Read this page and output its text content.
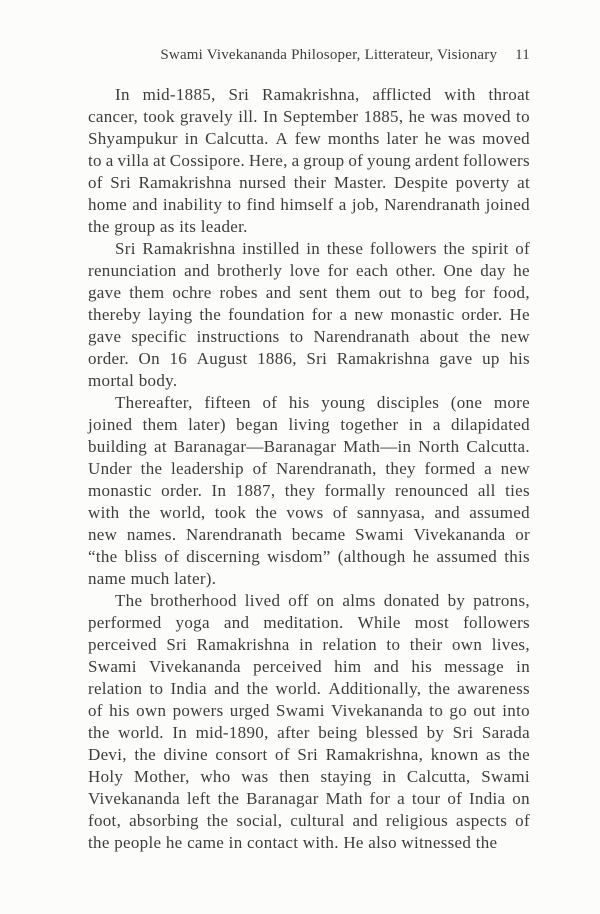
Swami Vivekananda Philosoper, Litterateur, Visionary 11
In mid-1885, Sri Ramakrishna, afflicted with throat
cancer, took gravely ill. In September 1885, he was moved to
Shyampukur in Calcutta. A few months later he was moved
to a villa at Cossipore. Here, a group of young ardent followers
of Sri Ramakrishna nursed their Master. Despite poverty at
home and inability to find himself a job, Narendranath joined
the group as its leader.
Sri Ramakrishna instilled in these followers the spirit of
renunciation and brotherly love for each other. One day he
gave them ochre robes and sent them out to beg for food,
thereby laying the foundation for a new monastic order. He
gave specific instructions to Narendranath about the new
order. On 16 August 1886, Sri Ramakrishna gave up his
mortal body.
Thereafter, fifteen of his young disciples (one more
joined them later) began living together in a dilapidated
building at Baranagar—Baranagar Math—in North Calcutta.
Under the leadership of Narendranath, they formed a new
monastic order. In 1887, they formally renounced all ties
with the world, took the vows of sannyasa, and assumed
new names. Narendranath became Swami Vivekananda or
“the bliss of discerning wisdom” (although he assumed this
name much later).
The brotherhood lived off on alms donated by patrons,
performed yoga and meditation. While most followers
perceived Sri Ramakrishna in relation to their own lives,
Swami Vivekananda perceived him and his message in
relation to India and the world. Additionally, the awareness
of his own powers urged Swami Vivekananda to go out into
the world. In mid-1890, after being blessed by Sri Sarada
Devi, the divine consort of Sri Ramakrishna, known as the
Holy Mother, who was then staying in Calcutta, Swami
Vivekananda left the Baranagar Math for a tour of India on
foot, absorbing the social, cultural and religious aspects of
the people he came in contact with. He also witnessed the
